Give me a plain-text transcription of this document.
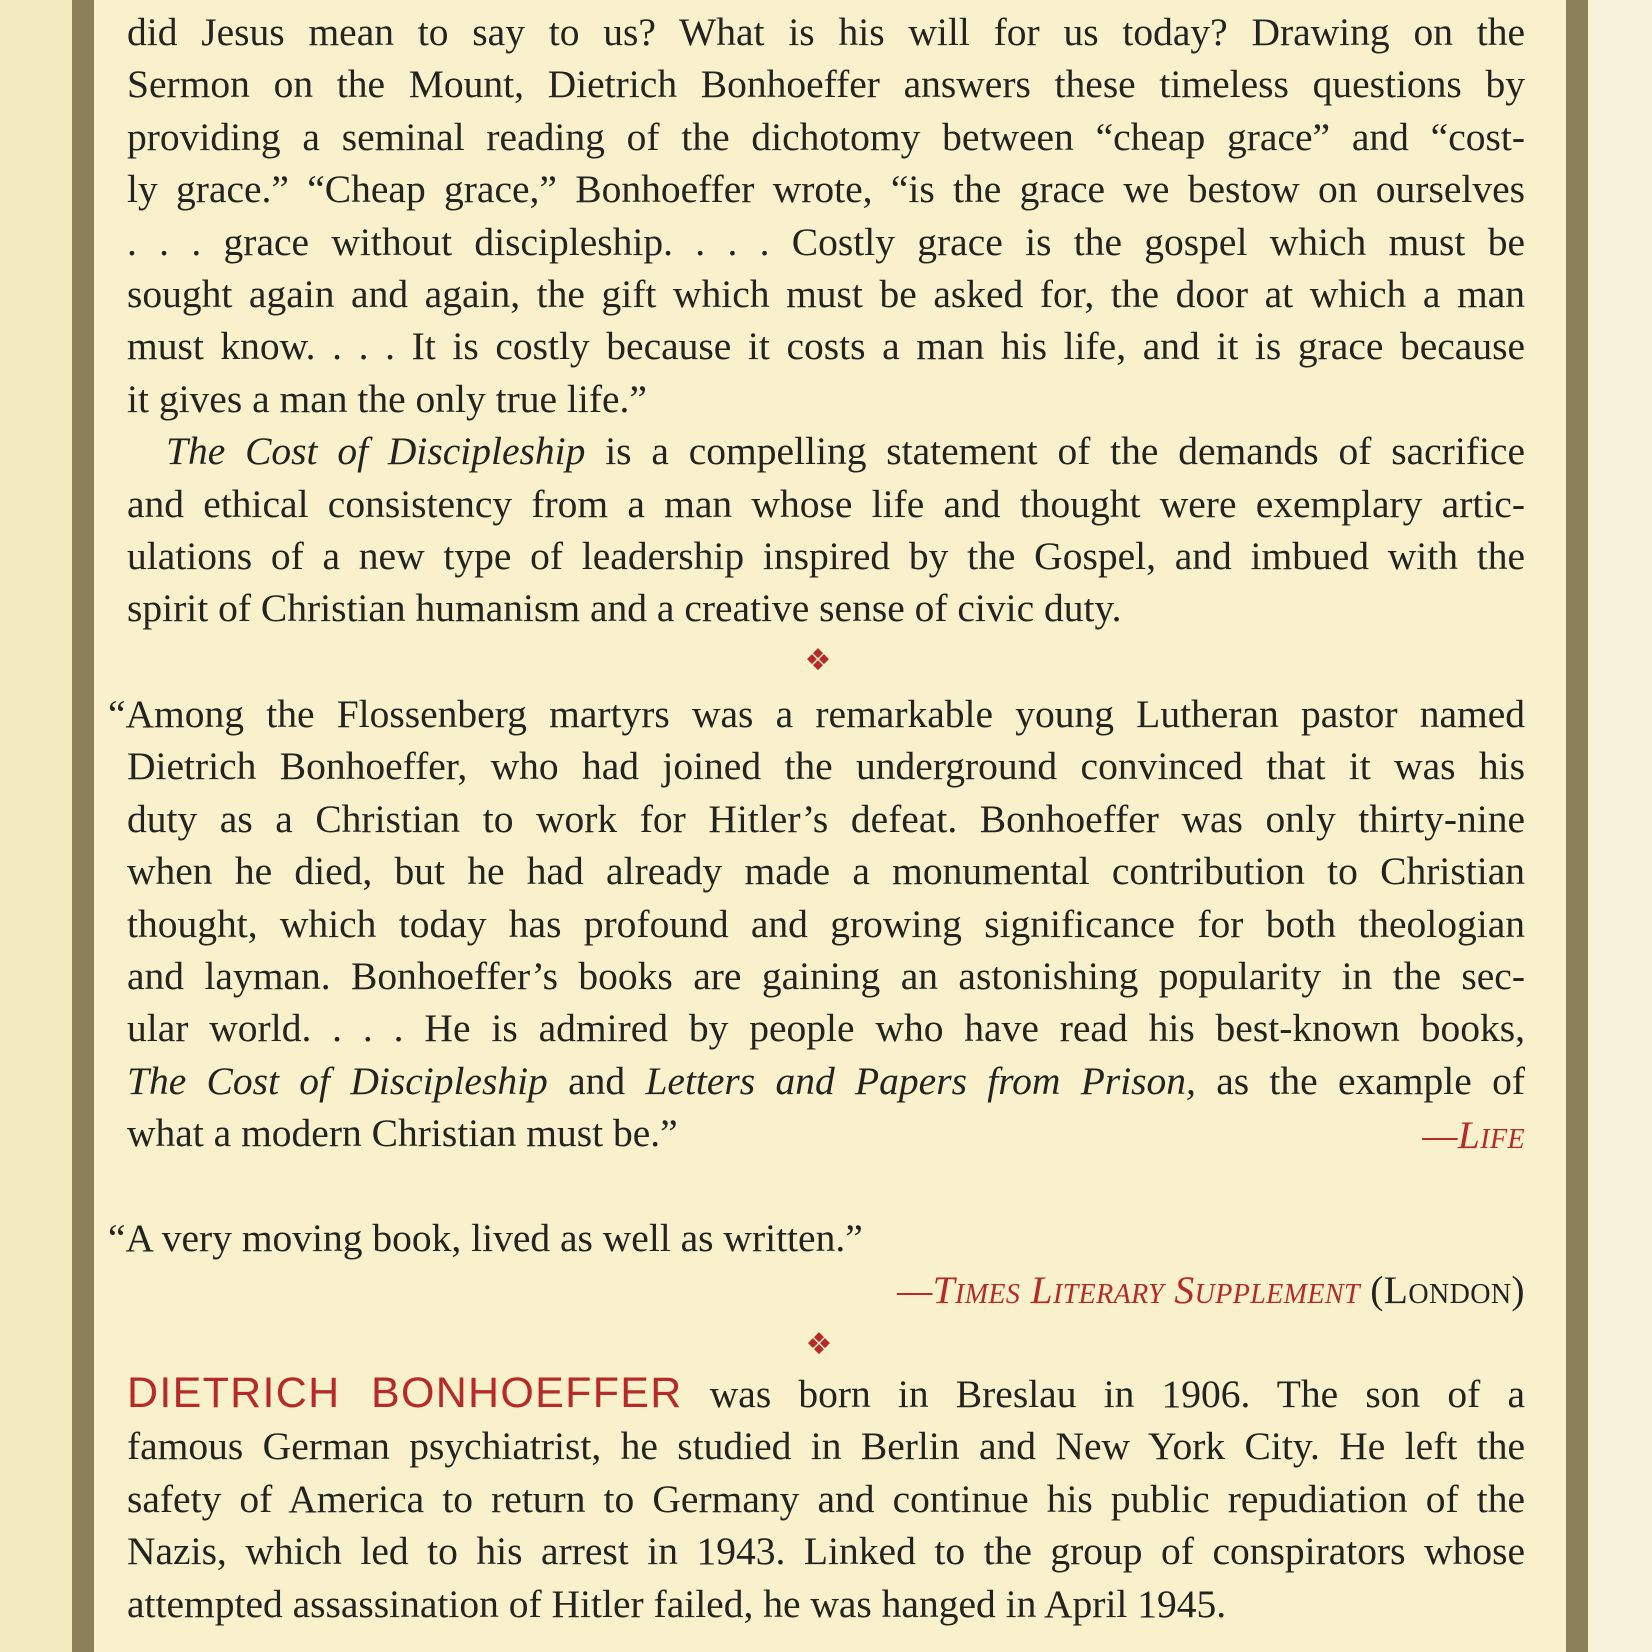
did Jesus mean to say to us? What is his will for us today? Drawing on the
Sermon on the Mount, Dietrich Bonhoeffer answers these timeless questions by
providing a seminal reading of the dichotomy between “cheap grace” and “cost-
ly grace.” “Cheap grace,” Bonhoeffer wrote, “is the grace we bestow on ourselves
. . . grace without discipleship. . . . Costly grace is the gospel which must be
sought again and again, the gift which must be asked for, the door at which a man
must know. . . . It is costly because it costs a man his life, and it is grace because
it gives a man the only true life.”
The Cost of Discipleship is a compelling statement of the demands of sacrifice
and ethical consistency from a man whose life and thought were exemplary artic-
ulations of a new type of leadership inspired by the Gospel, and imbued with the
spirit of Christian humanism and a creative sense of civic duty.
❖
“Among the Flossenberg martyrs was a remarkable young Lutheran pastor named
Dietrich Bonhoeffer, who had joined the underground convinced that it was his
duty as a Christian to work for Hitler’s defeat. Bonhoeffer was only thirty-nine
when he died, but he had already made a monumental contribution to Christian
thought, which today has profound and growing significance for both theologian
and layman. Bonhoeffer’s books are gaining an astonishing popularity in the sec-
ular world. . . . He is admired by people who have read his best-known books,
The Cost of Discipleship and Letters and Papers from Prison, as the example of
what a modern Christian must be.”	—Life
“A very moving book, lived as well as written.”
—Times Literary Supplement (London)
❖
DIETRICH BONHOEFFER was born in Breslau in 1906. The son of a
famous German psychiatrist, he studied in Berlin and New York City. He left the
safety of America to return to Germany and continue his public repudiation of the
Nazis, which led to his arrest in 1943. Linked to the group of conspirators whose
attempted assassination of Hitler failed, he was hanged in April 1945.
